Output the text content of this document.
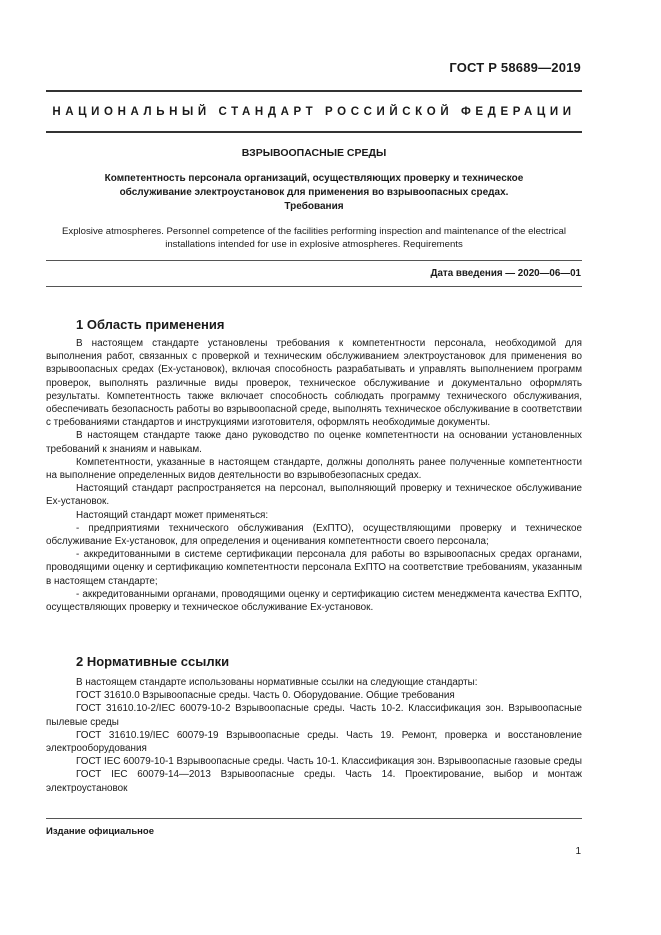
ГОСТ Р 58689—2019
НАЦИОНАЛЬНЫЙ СТАНДАРТ РОССИЙСКОЙ ФЕДЕРАЦИИ
ВЗРЫВООПАСНЫЕ СРЕДЫ
Компетентность персонала организаций, осуществляющих проверку и техническое
обслуживание электроустановок для применения во взрывоопасных средах.
Требования
Explosive atmospheres. Personnel competence of the facilities performing inspection and maintenance of the electrical installations intended for use in explosive atmospheres. Requirements
Дата введения — 2020—06—01
1 Область применения

В настоящем стандарте установлены требования к компетентности персонала, необходимой для выполнения работ, связанных с проверкой и техническим обслуживанием электроустановок для применения во взрывоопасных средах (Ex-установок), включая способность разрабатывать и управлять выполнением программ проверок, выполнять различные виды проверок, техническое обслуживание и документально оформлять результаты. Компетентность также включает способность соблюдать программу технического обслуживания, обеспечивать безопасность работы во взрывоопасной среде, выполнять техническое обслуживание в соответствии с требованиями стандартов и инструкциями изготовителя, оформлять необходимые документы.

В настоящем стандарте также дано руководство по оценке компетентности на основании установленных требований к знаниям и навыкам.

Компетентности, указанные в настоящем стандарте, должны дополнять ранее полученные компетентности на выполнение определенных видов деятельности во взрывобезопасных средах.

Настоящий стандарт распространяется на персонал, выполняющий проверку и техническое обслуживание Ex-установок.

Настоящий стандарт может применяться:

- предприятиями технического обслуживания (ExПТО), осуществляющими проверку и техническое обслуживание Ex-установок, для определения и оценивания компетентности своего персонала;

- аккредитованными в системе сертификации персонала для работы во взрывоопасных средах органами, проводящими оценку и сертификацию компетентности персонала ExПТО на соответствие требованиям, указанным в настоящем стандарте;

- аккредитованными органами, проводящими оценку и сертификацию систем менеджмента качества ExПТО, осуществляющих проверку и техническое обслуживание Ex-установок.

2 Нормативные ссылки

В настоящем стандарте использованы нормативные ссылки на следующие стандарты:

ГОСТ 31610.0 Взрывоопасные среды. Часть 0. Оборудование. Общие требования

ГОСТ 31610.10-2/IEC 60079-10-2 Взрывоопасные среды. Часть 10-2. Классификация зон. Взрывоопасные пылевые среды

ГОСТ 31610.19/IEC 60079-19 Взрывоопасные среды. Часть 19. Ремонт, проверка и восстановление электрооборудования

ГОСТ IEC 60079-10-1 Взрывоопасные среды. Часть 10-1. Классификация зон. Взрывоопасные газовые среды

ГОСТ IEC 60079-14—2013 Взрывоопасные среды. Часть 14. Проектирование, выбор и монтаж электроустановок

Издание официальное
1
